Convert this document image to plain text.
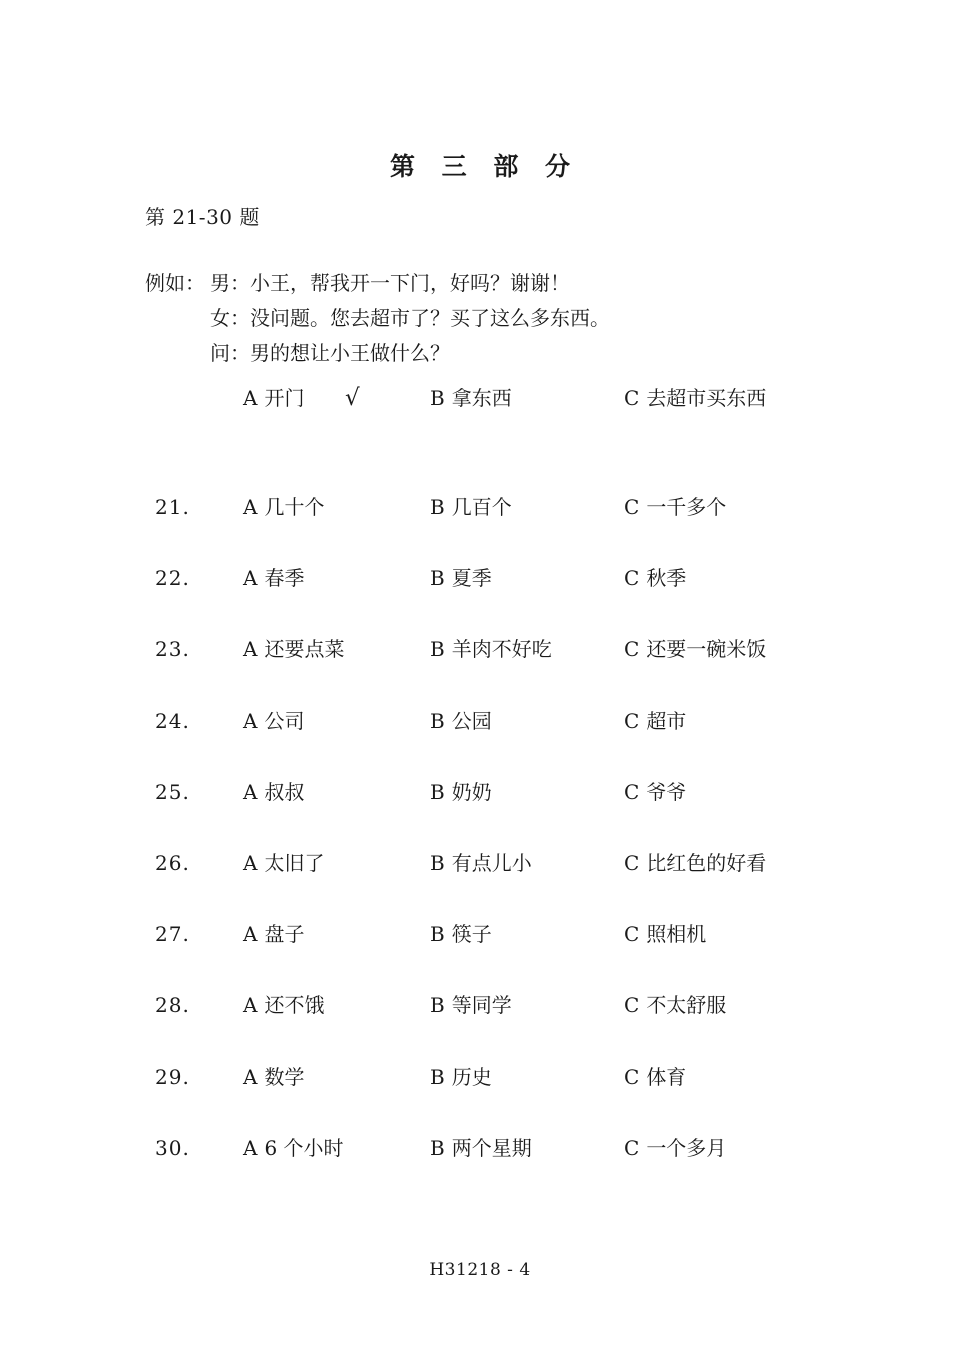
第 三 部 分
第 21-30 题
例如： 男：小王，帮我开一下门，好吗？谢谢！
女：没问题。您去超市了？买了这么多东西。
问：男的想让小王做什么？
A 开门 √	B 拿东西	C 去超市买东西
21.	A 几十个	B 几百个	C 一千多个
22.	A 春季	B 夏季	C 秋季
23.	A 还要点菜	B 羊肉不好吃	C 还要一碗米饭
24.	A 公司	B 公园	C 超市
25.	A 叔叔	B 奶奶	C 爷爷
26.	A 太旧了	B 有点儿小	C 比红色的好看
27.	A 盘子	B 筷子	C 照相机
28.	A 还不饿	B 等同学	C 不太舒服
29.	A 数学	B 历史	C 体育
30.	A 6 个小时	B 两个星期	C 一个多月
H31218 - 4
